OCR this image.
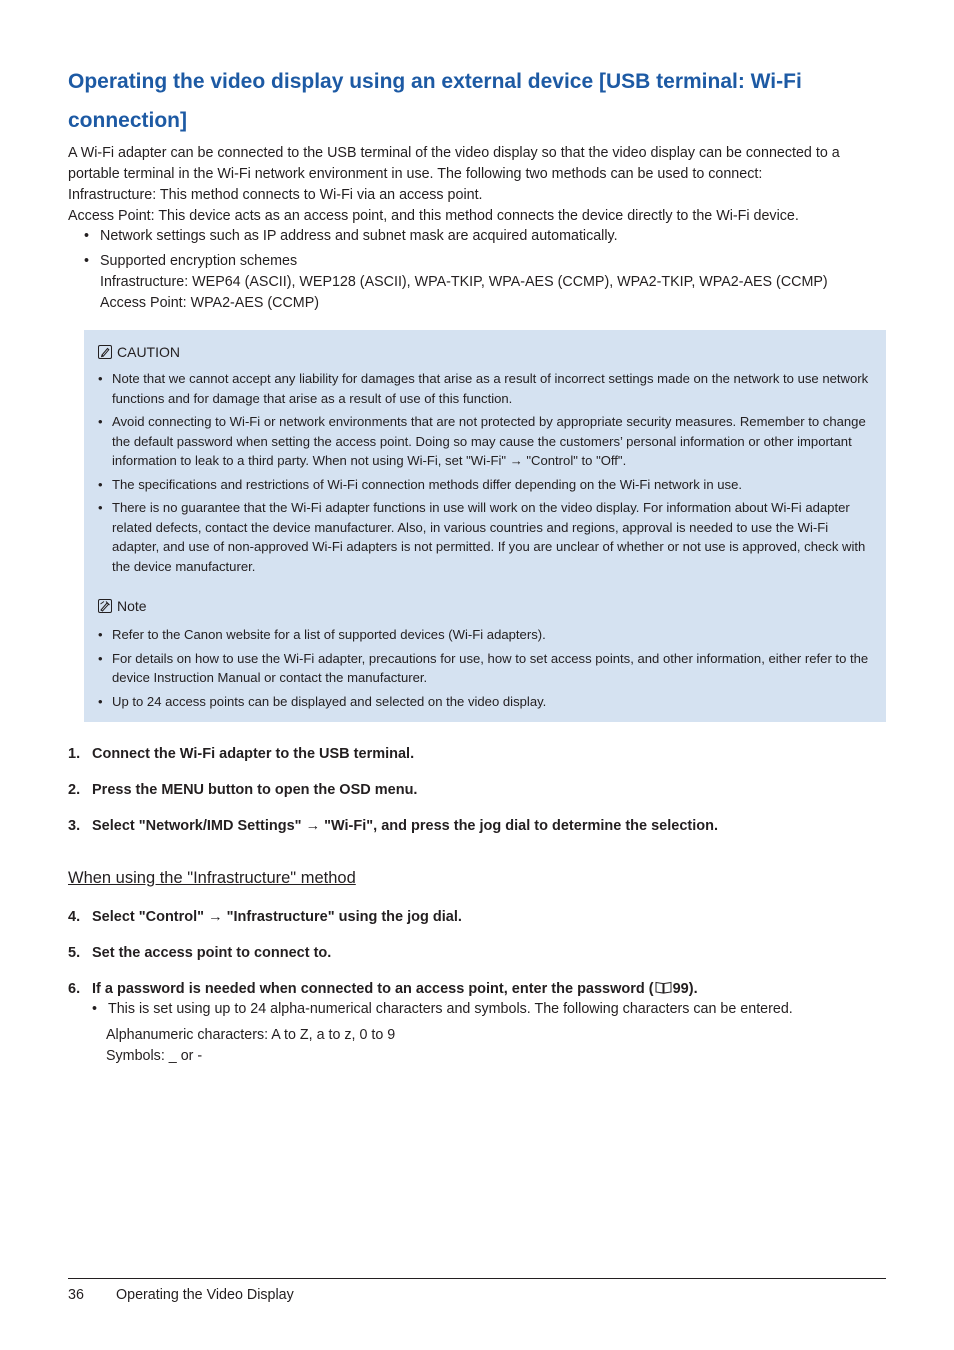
Operating the video display using an external device [USB terminal: Wi-Fi connection]

A Wi-Fi adapter can be connected to the USB terminal of the video display so that the video display can be connected to a portable terminal in the Wi-Fi network environment in use. The following two methods can be used to connect:

Infrastructure: This method connects to Wi-Fi via an access point.

Access Point: This device acts as an access point, and this method connects the device directly to the Wi-Fi device.

• Network settings such as IP address and subnet mask are acquired automatically.
• Supported encryption schemes
Infrastructure: WEP64 (ASCII), WEP128 (ASCII), WPA-TKIP, WPA-AES (CCMP), WPA2-TKIP, WPA2-AES (CCMP)
Access Point: WPA2-AES (CCMP)
CAUTION
• Note that we cannot accept any liability for damages that arise as a result of incorrect settings made on the network to use network functions and for damage that arise as a result of use of this function.
• Avoid connecting to Wi-Fi or network environments that are not protected by appropriate security measures. Remember to change the default password when setting the access point. Doing so may cause the customers’ personal information or other important information to leak to a third party. When not using Wi-Fi, set "Wi-Fi" → "Control" to "Off".
• The specifications and restrictions of Wi-Fi connection methods differ depending on the Wi-Fi network in use.
• There is no guarantee that the Wi-Fi adapter functions in use will work on the video display. For information about Wi-Fi adapter related defects, contact the device manufacturer. Also, in various countries and regions, approval is needed to use the Wi-Fi adapter, and use of non-approved Wi-Fi adapters is not permitted. If you are unclear of whether or not use is approved, check with the device manufacturer.
Note
• Refer to the Canon website for a list of supported devices (Wi-Fi adapters).
• For details on how to use the Wi-Fi adapter, precautions for use, how to set access points, and other information, either refer to the device Instruction Manual or contact the manufacturer.
• Up to 24 access points can be displayed and selected on the video display.
1. Connect the Wi-Fi adapter to the USB terminal.
2. Press the MENU button to open the OSD menu.
3. Select "Network/IMD Settings" → "Wi-Fi", and press the jog dial to determine the selection.
4. Select "Control" → "Infrastructure" using the jog dial.
5. Set the access point to connect to.
6. If a password is needed when connected to an access point, enter the password ( 99).
When using the "Infrastructure" method
• This is set using up to 24 alpha-numerical characters and symbols. The following characters can be entered.
Alphanumeric characters: A to Z, a to z, 0 to 9
Symbols: _ or -
36 Operating the Video Display
